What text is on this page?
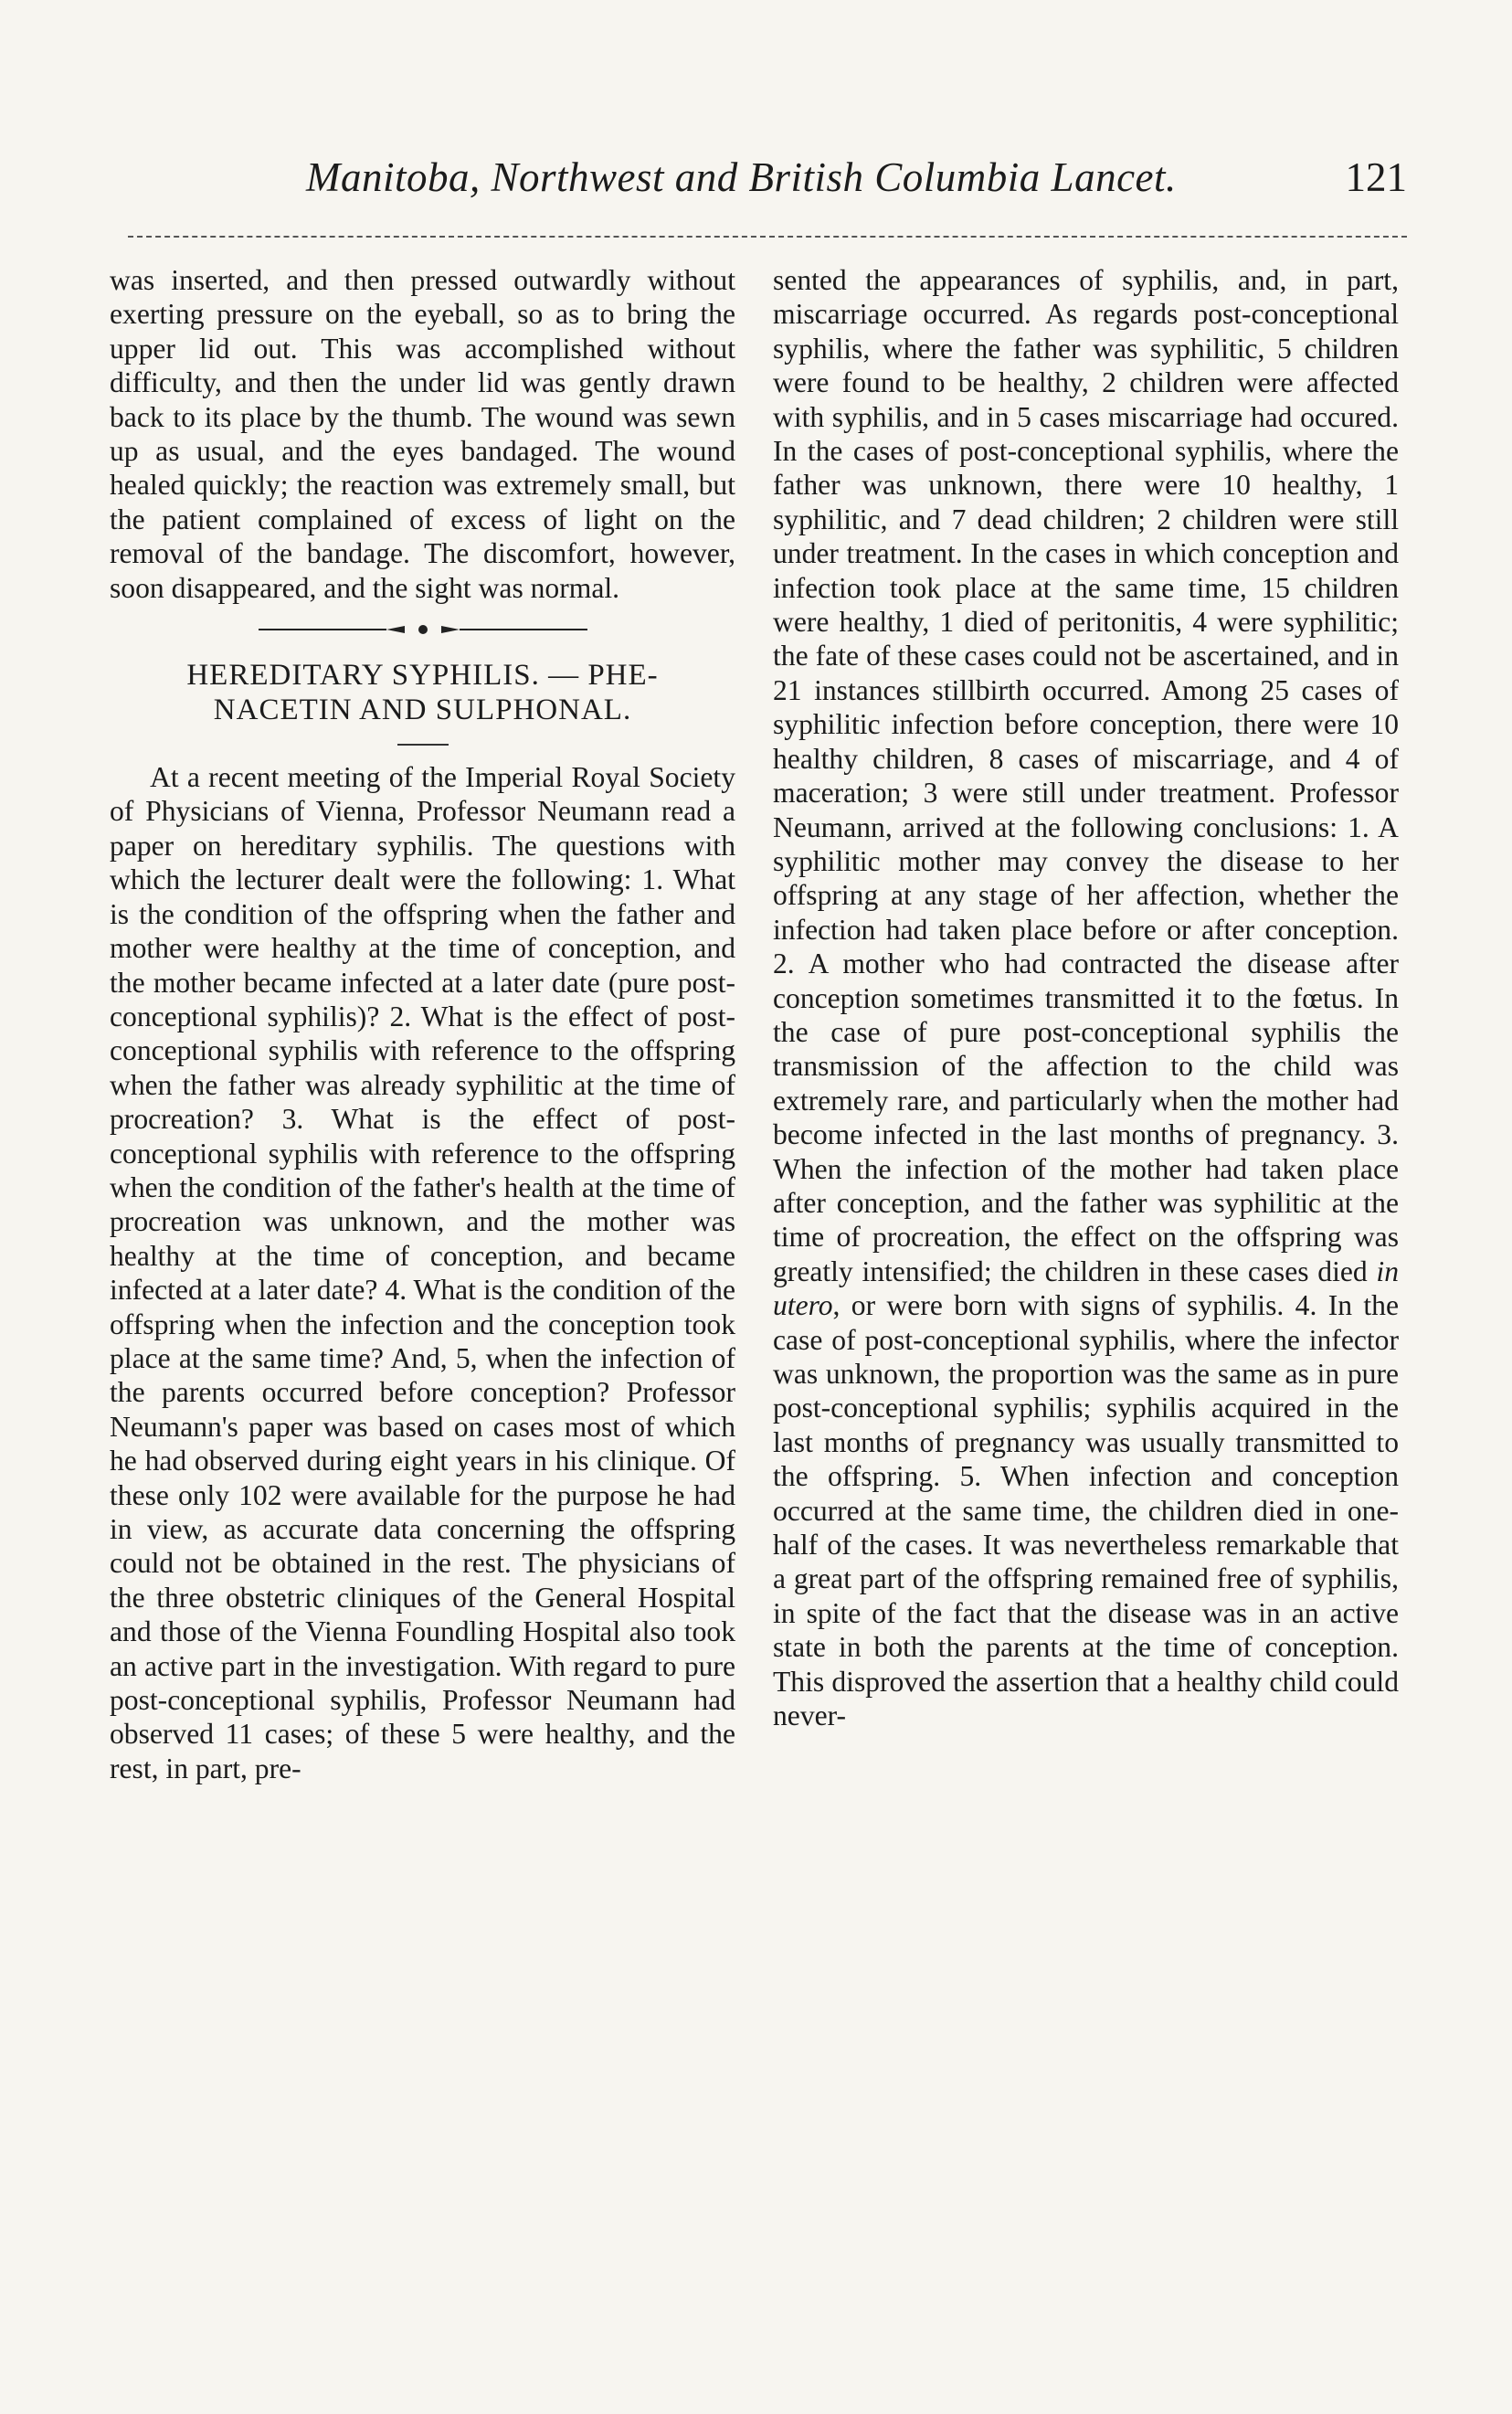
Manitoba, Northwest and British Columbia Lancet.	121

was inserted, and then pressed outwardly without exerting pressure on the eyeball, so as to bring the upper lid out. This was accomplished without difficulty, and then the under lid was gently drawn back to its place by the thumb. The wound was sewn up as usual, and the eyes bandaged. The wound healed quickly; the reaction was extremely small, but the patient complained of excess of light on the removal of the bandage. The discomfort, however, soon disappeared, and the sight was normal.

HEREDITARY SYPHILIS. — PHE-
NACETIN AND SULPHONAL.

At a recent meeting of the Imperial Royal Society of Physicians of Vienna, Professor Neumann read a paper on hereditary syphilis. The questions with which the lecturer dealt were the following: 1. What is the condition of the offspring when the father and mother were healthy at the time of conception, and the mother became infected at a later date (pure post-conceptional syphilis)? 2. What is the effect of post-conceptional syphilis with reference to the offspring when the father was already syphilitic at the time of procreation? 3. What is the effect of post-conceptional syphilis with reference to the offspring when the condition of the father's health at the time of procreation was unknown, and the mother was healthy at the time of conception, and became infected at a later date? 4. What is the condition of the offspring when the infection and the conception took place at the same time? And, 5, when the infection of the parents occurred before conception? Professor Neumann's paper was based on cases most of which he had observed during eight years in his clinique. Of these only 102 were available for the purpose he had in view, as accurate data concerning the offspring could not be obtained in the rest. The physicians of the three obstetric cliniques of the General Hospital and those of the Vienna Foundling Hospital also took an active part in the investigation. With regard to pure post-conceptional syphilis, Professor Neumann had observed 11 cases; of these 5 were healthy, and the rest, in part, pre-

sented the appearances of syphilis, and, in part, miscarriage occurred. As regards post-conceptional syphilis, where the father was syphilitic, 5 children were found to be healthy, 2 children were affected with syphilis, and in 5 cases miscarriage had occured. In the cases of post-conceptional syphilis, where the father was unknown, there were 10 healthy, 1 syphilitic, and 7 dead children; 2 children were still under treatment. In the cases in which conception and infection took place at the same time, 15 children were healthy, 1 died of peritonitis, 4 were syphilitic; the fate of these cases could not be ascertained, and in 21 instances stillbirth occurred. Among 25 cases of syphilitic infection before conception, there were 10 healthy children, 8 cases of miscarriage, and 4 of maceration; 3 were still under treatment. Professor Neumann, arrived at the following conclusions: 1. A syphilitic mother may convey the disease to her offspring at any stage of her affection, whether the infection had taken place before or after conception. 2. A mother who had contracted the disease after conception sometimes transmitted it to the fœtus. In the case of pure post-conceptional syphilis the transmission of the affection to the child was extremely rare, and particularly when the mother had become infected in the last months of pregnancy. 3. When the infection of the mother had taken place after conception, and the father was syphilitic at the time of procreation, the effect on the offspring was greatly intensified; the children in these cases died in utero, or were born with signs of syphilis. 4. In the case of post-conceptional syphilis, where the infector was unknown, the proportion was the same as in pure post-conceptional syphilis; syphilis acquired in the last months of pregnancy was usually transmitted to the offspring. 5. When infection and conception occurred at the same time, the children died in one-half of the cases. It was nevertheless remarkable that a great part of the offspring remained free of syphilis, in spite of the fact that the disease was in an active state in both the parents at the time of conception. This disproved the assertion that a healthy child could never-
